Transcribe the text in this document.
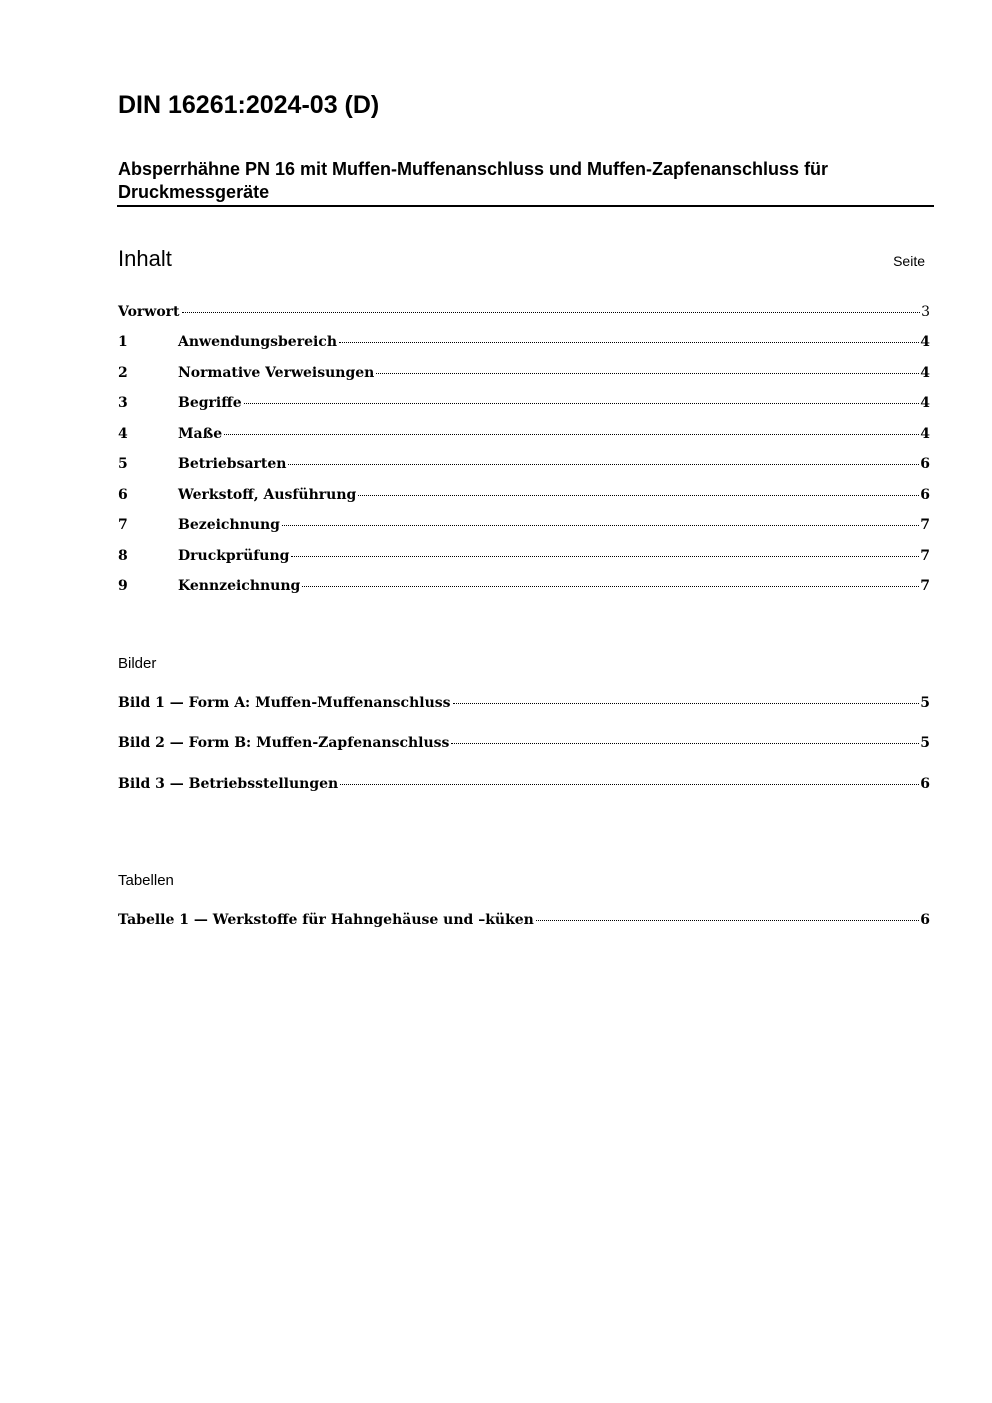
DIN 16261:2024-03 (D)
Absperrhähne PN 16 mit Muffen-Muffenanschluss und Muffen-Zapfenanschluss für Druckmessgeräte
Inhalt	Seite
Vorwort	3
1	Anwendungsbereich	4
2	Normative Verweisungen	4
3	Begriffe	4
4	Maße	4
5	Betriebsarten	6
6	Werkstoff, Ausführung	6
7	Bezeichnung	7
8	Druckprüfung	7
9	Kennzeichnung	7
Bilder
Bild 1 — Form A: Muffen-Muffenanschluss	5
Bild 2 — Form B: Muffen-Zapfenanschluss	5
Bild 3 — Betriebsstellungen	6
Tabellen
Tabelle 1 — Werkstoffe für Hahngehäuse und –küken	6
